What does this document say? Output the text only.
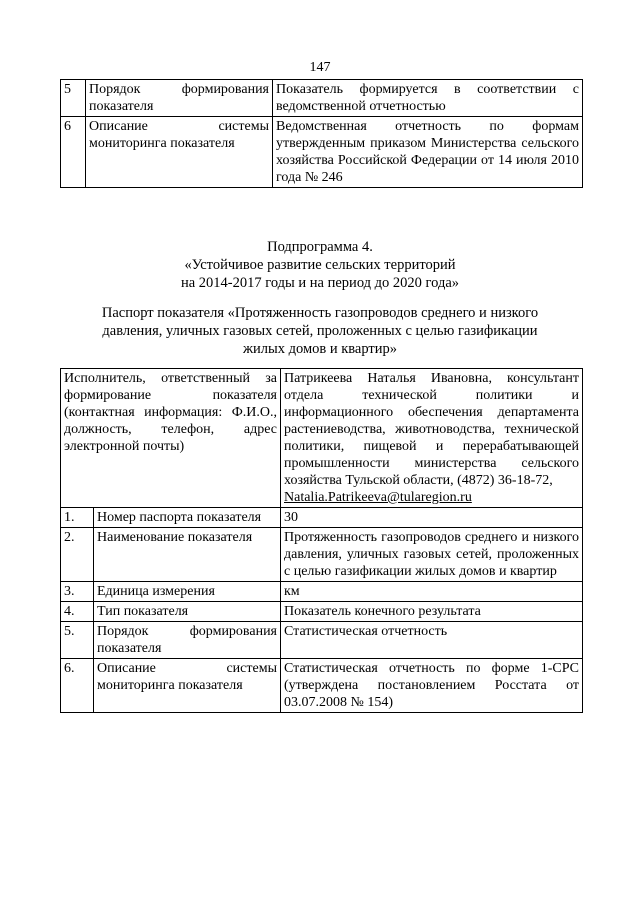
147
5	Порядок формирования показателя	Показатель формируется в соответствии с ведомственной отчетностью
6	Описание системы мониторинга показателя	Ведомственная отчетность по формам утвержденным приказом Министерства сельского хозяйства Российской Федерации от 14 июля 2010 года № 246
Подпрограмма 4.
«Устойчивое развитие сельских территорий
на 2014-2017 годы и на период до 2020 года»
Паспорт показателя «Протяженность газопроводов среднего и низкого давления, уличных газовых сетей, проложенных с целью газификации жилых домов и квартир»
Исполнитель, ответственный за формирование показателя (контактная информация: Ф.И.О., должность, телефон, адрес электронной почты)		Патрикеева Наталья Ивановна, консультант отдела технической политики и информационного обеспечения департамента растениеводства, животноводства, технической политики, пищевой и перерабатывающей промышленности министерства сельского хозяйства Тульской области, (4872) 36-18-72,
Natalia.Patrikeeva@tularegion.ru
1.	Номер паспорта показателя	30
2.	Наименование показателя	Протяженность газопроводов среднего и низкого давления, уличных газовых сетей, проложенных с целью газификации жилых домов и квартир
3.	Единица измерения	км
4.	Тип показателя	Показатель конечного результата
5.	Порядок формирования показателя	Статистическая отчетность
6.	Описание системы мониторинга показателя	Статистическая отчетность по форме 1-СРС (утверждена постановлением Росстата от 03.07.2008 № 154)
